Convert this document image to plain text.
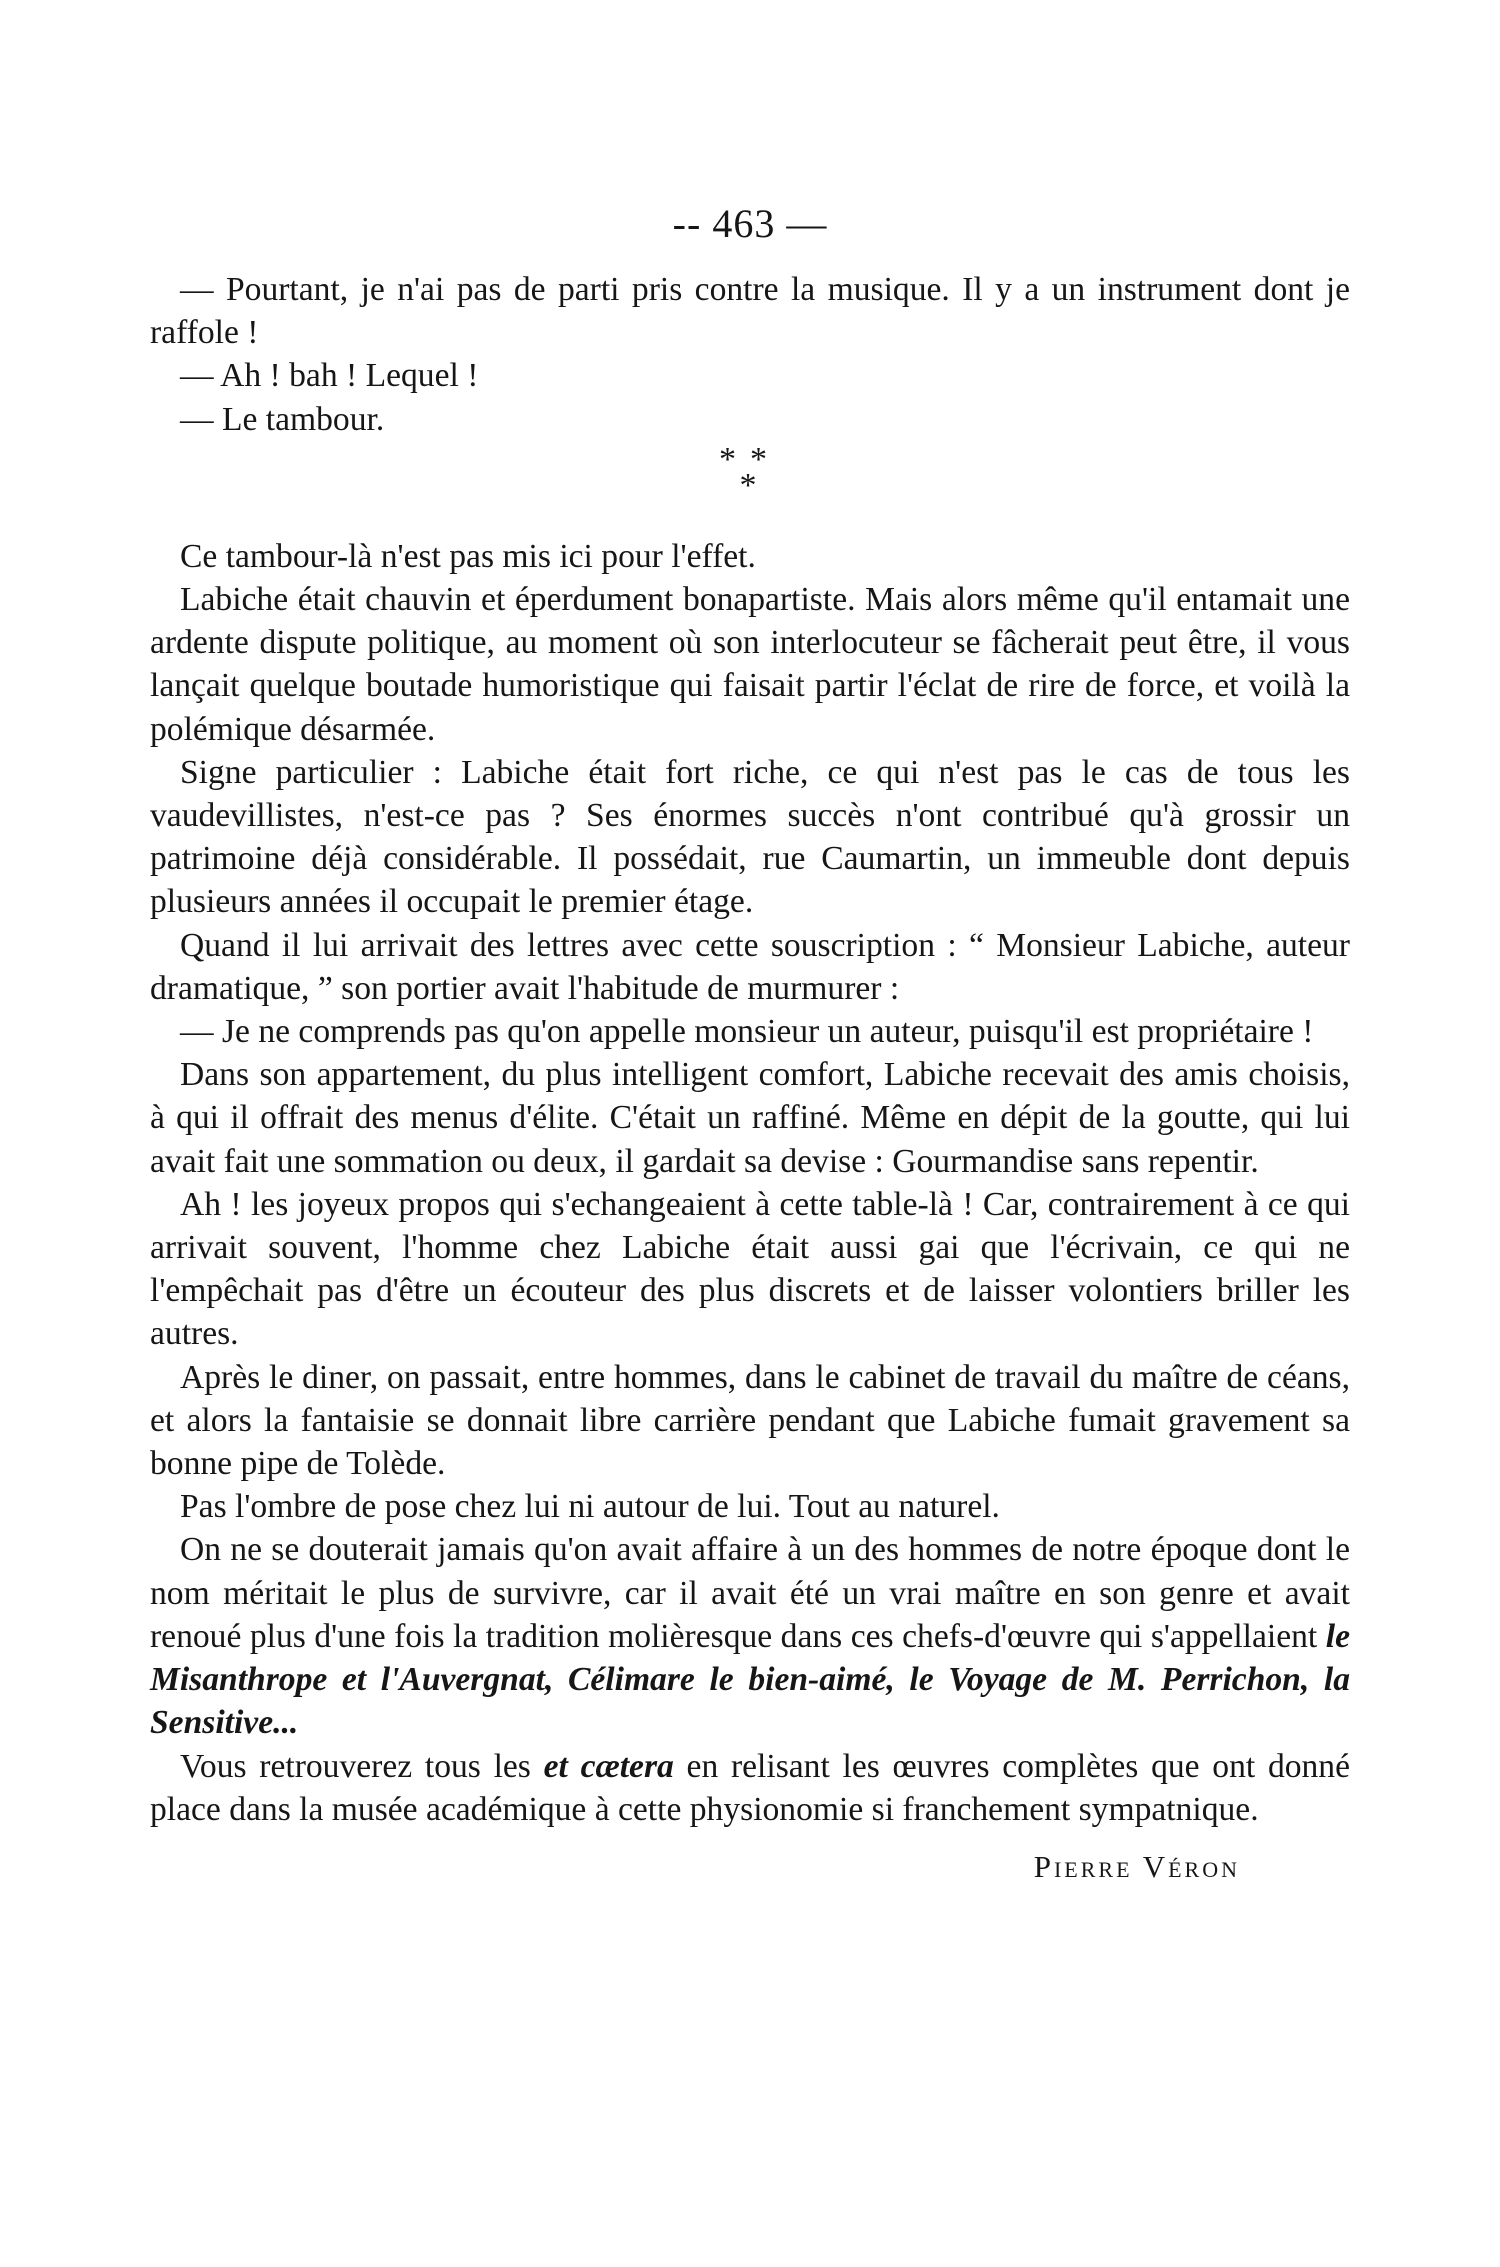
-- 463 —

— Pourtant, je n'ai pas de parti pris contre la musique. Il y a un instrument dont je raffole !

— Ah ! bah ! Lequel !

— Le tambour.

**
*

Ce tambour-là n'est pas mis ici pour l'effet.

Labiche était chauvin et éperdument bonapartiste. Mais alors même qu'il entamait une ardente dispute politique, au moment où son interlocuteur se fâcherait peut être, il vous lançait quelque boutade humoristique qui faisait partir l'éclat de rire de force, et voilà la polémique désarmée.

Signe particulier : Labiche était fort riche, ce qui n'est pas le cas de tous les vaudevillistes, n'est-ce pas ? Ses énormes succès n'ont contribué qu'à grossir un patrimoine déjà considérable. Il possédait, rue Caumartin, un immeuble dont depuis plusieurs années il occupait le premier étage.

Quand il lui arrivait des lettres avec cette souscription : “ Monsieur Labiche, auteur dramatique, ” son portier avait l'habitude de murmurer :

— Je ne comprends pas qu'on appelle monsieur un auteur, puisqu'il est propriétaire !

Dans son appartement, du plus intelligent comfort, Labiche recevait des amis choisis, à qui il offrait des menus d'élite. C'était un raffiné. Même en dépit de la goutte, qui lui avait fait une sommation ou deux, il gardait sa devise : Gourmandise sans repentir.

Ah ! les joyeux propos qui s'echangeaient à cette table-là ! Car, contrairement à ce qui arrivait souvent, l'homme chez Labiche était aussi gai que l'écrivain, ce qui ne l'empêchait pas d'être un écouteur des plus discrets et de laisser volontiers briller les autres.

Après le diner, on passait, entre hommes, dans le cabinet de travail du maître de céans, et alors la fantaisie se donnait libre carrière pendant que Labiche fumait gravement sa bonne pipe de Tolède.

Pas l'ombre de pose chez lui ni autour de lui. Tout au naturel.

On ne se douterait jamais qu'on avait affaire à un des hommes de notre époque dont le nom méritait le plus de survivre, car il avait été un vrai maître en son genre et avait renoué plus d'une fois la tradition molièresque dans ces chefs-d'œuvre qui s'appellaient le Misanthrope et l'Auvergnat, Célimare le bien-aimé, le Voyage de M. Perrichon, la Sensitive...

Vous retrouverez tous les et cætera en relisant les œuvres complètes que ont donné place dans la musée académique à cette physionomie si franchement sympatnique.

Pierre Véron
